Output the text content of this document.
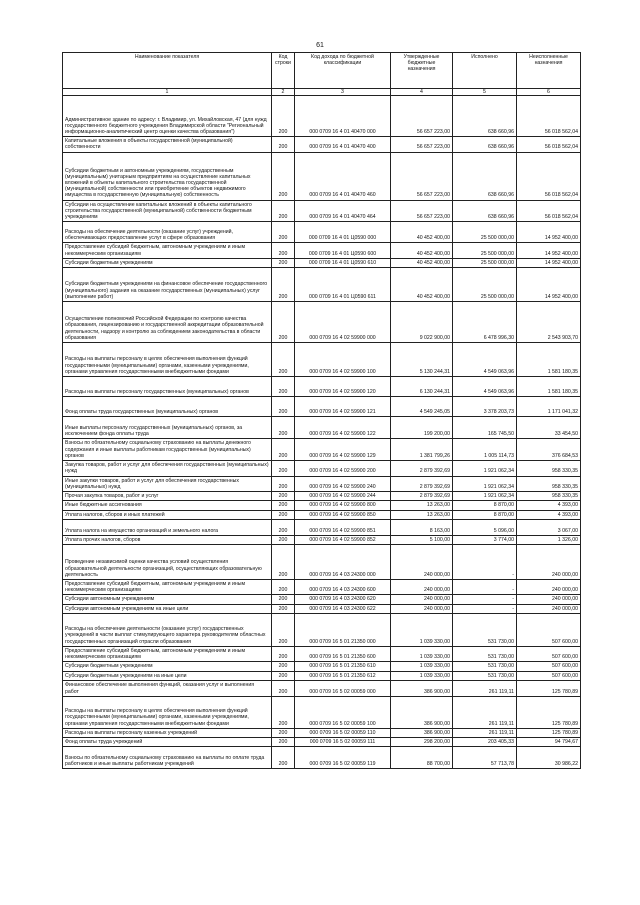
61
Наименование показателя	Код строки	Код дохода по бюджетной классификации	Утвержденные бюджетные назначения	Исполнено	Неисполненные назначения
1	2	3	4	5	6
Административное здание по адресу: г. Владимир, ул. Михайловская, 47 (для нужд государственного бюджетного учреждения Владимирской области "Региональный информационно-аналитический центр оценки качества образования")	200	000 0709 16 4 01 40470 000	56 657 223,00	638 660,96	56 018 562,04
Капитальные вложения в объекты государственной (муниципальной) собственности	200	000 0709 16 4 01 40470 400	56 657 223,00	638 660,96	56 018 562,04
Субсидии бюджетным и автономным учреждениям, государственным (муниципальным) унитарным предприятиям на осуществление капитальных вложений в объекты капитального строительства государственной (муниципальной) собственности или приобретение объектов недвижимого имущества в государственную (муниципальную) собственность	200	000 0709 16 4 01 40470 460	56 657 223,00	638 660,96	56 018 562,04
Субсидии на осуществление капитальных вложений в объекты капитального строительства государственной (муниципальной) собственности бюджетным учреждениям	200	000 0709 16 4 01 40470 464	56 657 223,00	638 660,96	56 018 562,04
Расходы на обеспечение деятельности (оказание услуг) учреждений, обеспечивающих предоставление услуг в сфере образования	200	000 0709 16 4 01 Ц0590 000	40 452 400,00	25 500 000,00	14 952 400,00
Предоставление субсидий бюджетным, автономным учреждениям и иным некоммерческим организациям	200	000 0709 16 4 01 Ц0590 600	40 452 400,00	25 500 000,00	14 952 400,00
Субсидии бюджетным учреждениям	200	000 0709 16 4 01 Ц0590 610	40 452 400,00	25 500 000,00	14 952 400,00
Субсидии бюджетным учреждениям на финансовое обеспечение государственного (муниципального) задания на оказание государственных (муниципальных) услуг (выполнение работ)	200	000 0709 16 4 01 Ц0590 611	40 452 400,00	25 500 000,00	14 952 400,00
Осуществление полномочий Российской Федерации по контролю качества образования, лицензированию и государственной аккредитации образовательной деятельности, надзору и контролю за соблюдением законодательства в области образования	200	000 0709 16 4 02 59900 000	9 022 900,00	6 478 996,30	2 543 903,70
Расходы на выплаты персоналу в целях обеспечения выполнения функций государственными (муниципальными) органами, казенными учреждениями, органами управления государственными внебюджетными фондами	200	000 0709 16 4 02 59900 100	5 130 244,31	4 549 063,96	1 581 180,35
Расходы на выплаты персоналу государственных (муниципальных) органов	200	000 0709 16 4 02 59900 120	6 130 244,31	4 549 063,96	1 581 180,35
Фонд оплаты труда государственных (муниципальных) органов	200	000 0709 16 4 02 59900 121	4 549 245,05	3 378 203,73	1 171 041,32
Иные выплаты персоналу государственных (муниципальных) органов, за исключением фонда оплаты труда	200	000 0709 16 4 02 59900 122	199 200,00	165 745,50	33 454,50
Взносы по обязательному социальному страхованию на выплаты денежного содержания и иные выплаты работникам государственных (муниципальных) органов	200	000 0709 16 4 02 59900 129	1 381 799,26	1 005 114,73	376 684,53
Закупка товаров, работ и услуг для обеспечения государственных (муниципальных) нужд	200	000 0709 16 4 02 59900 200	2 879 392,69	1 921 062,34	958 330,35
Иные закупки товаров, работ и услуг для обеспечения государственных (муниципальных) нужд	200	000 0709 16 4 02 59900 240	2 879 392,69	1 921 062,34	958 330,35
Прочая закупка товаров, работ и услуг	200	000 0709 16 4 02 59900 244	2 879 392,69	1 921 062,34	958 330,35
Иные бюджетные ассигнования	200	000 0709 16 4 02 59900 800	13 263,00	8 870,00	4 393,00
Уплата налогов, сборов и иных платежей	200	000 0709 16 4 02 59900 850	13 263,00	8 870,00	4 393,00
Уплата налога на имущество организаций и земельного налога	200	000 0709 16 4 02 59900 851	8 163,00	5 096,00	3 067,00
Уплата прочих налогов, сборов	200	000 0709 16 4 02 59900 852	5 100,00	3 774,00	1 326,00
Проведение независимой оценки качества условий осуществления образовательной деятельности организаций, осуществляющих образовательную деятельность	200	000 0709 16 4 03 24300 000	240 000,00	-	240 000,00
Предоставление субсидий бюджетным, автономным учреждениям и иным некоммерческим организациям	200	000 0709 16 4 03 24300 600	240 000,00	-	240 000,00
Субсидии автономным учреждениям	200	000 0709 16 4 03 24300 620	240 000,00	-	240 000,00
Субсидии автономным учреждениям на иные цели	200	000 0709 16 4 03 24300 622	240 000,00	-	240 000,00
Расходы на обеспечение деятельности (оказание услуг) государственных учреждений в части выплат стимулирующего характера руководителям областных государственных организаций отрасли образования	200	000 0709 16 5 01 21350 000	1 039 330,00	531 730,00	507 600,00
Предоставление субсидий бюджетным, автономным учреждениям и иным некоммерческим организациям	200	000 0709 16 5 01 21350 600	1 039 330,00	531 730,00	507 600,00
Субсидии бюджетным учреждениям	200	000 0709 16 5 01 21350 610	1 039 330,00	531 730,00	507 600,00
Субсидии бюджетным учреждениям на иные цели	200	000 0709 16 5 01 21350 612	1 039 330,00	531 730,00	507 600,00
Финансовое обеспечение выполнения функций, оказания услуг и выполнения работ	200	000 0709 16 5 02 00059 000	386 900,00	261 119,11	125 780,89
Расходы на выплаты персоналу в целях обеспечения выполнения функций государственными (муниципальными) органами, казенными учреждениями, органами управления государственными внебюджетными фондами	200	000 0709 16 5 02 00059 100	386 900,00	261 119,11	125 780,89
Расходы на выплаты персоналу казенных учреждений	200	000 0709 16 5 02 00059 110	386 900,00	261 119,11	125 780,89
Фонд оплаты труда учреждений	200	000 0709 16 5 02 00059 111	298 200,00	203 405,33	94 794,67
Взносы по обязательному социальному страхованию на выплаты по оплате труда работников и иные выплаты работникам учреждений	200	000 0709 16 5 02 00059 119	88 700,00	57 713,78	30 986,22
